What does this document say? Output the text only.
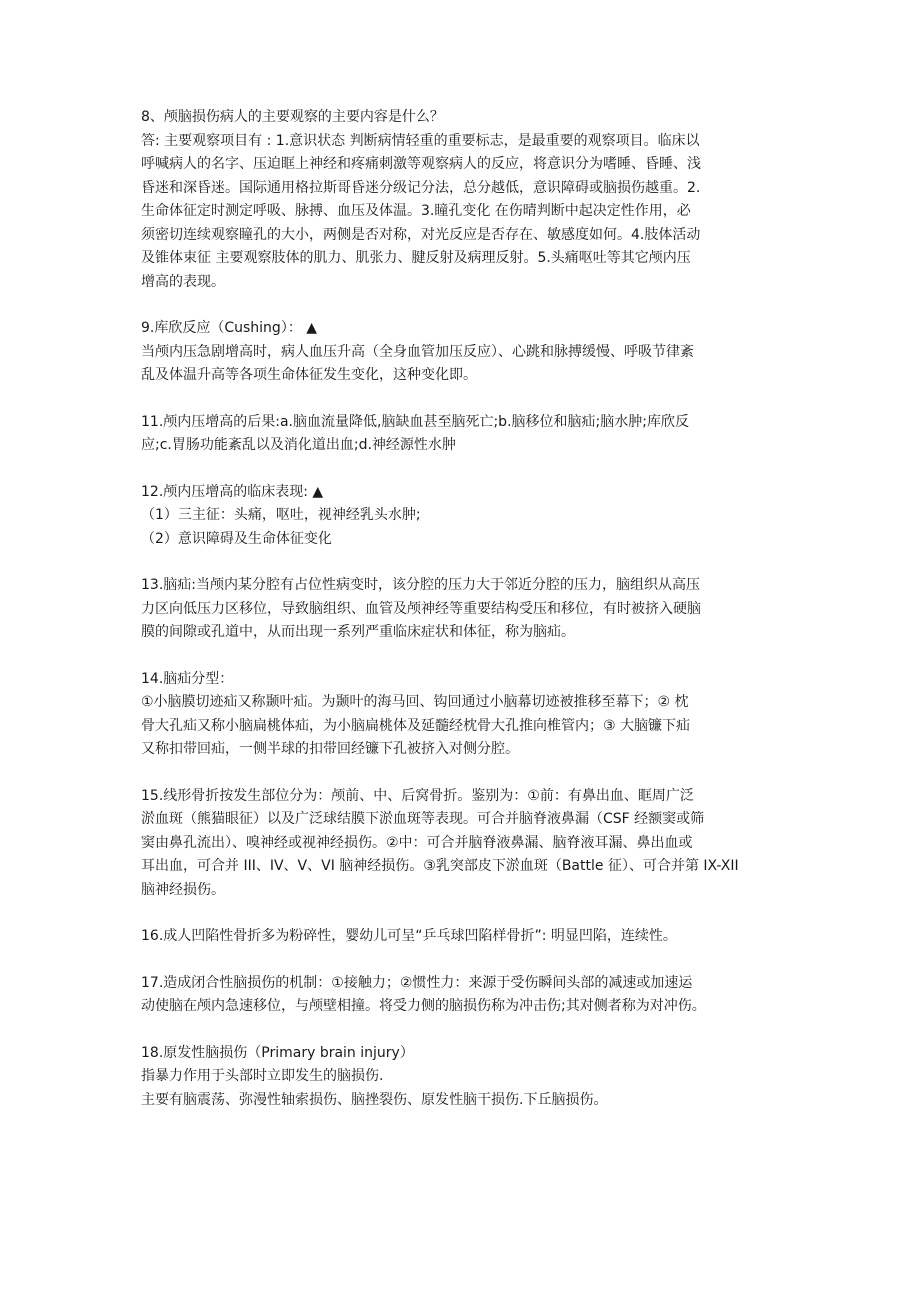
8、颅脑损伤病人的主要观察的主要内容是什么？
答: 主要观察项目有 : 1.意识状态 判断病情轻重的重要标志，是最重要的观察项目。临床以
呼喊病人的名字、压迫眶上神经和疼痛刺激等观察病人的反应，将意识分为嗜睡、昏睡、浅
昏迷和深昏迷。国际通用格拉斯哥昏迷分级记分法，总分越低，意识障碍或脑损伤越重。2.
生命体征定时测定呼吸、脉搏、血压及体温。3.瞳孔变化 在伤晴判断中起决定性作用，必
须密切连续观察瞳孔的大小，两侧是否对称，对光反应是否存在、敏感度如何。4.肢体活动
及锥体束征 主要观察肢体的肌力、肌张力、腱反射及病理反射。5.头痛呕吐等其它颅内压
增高的表现。
9.库欣反应（Cushing）： ▲
当颅内压急剧增高时，病人血压升高（全身血管加压反应）、心跳和脉搏缓慢、呼吸节律紊
乱及体温升高等各项生命体征发生变化，这种变化即。
11.颅内压增高的后果:a.脑血流量降低,脑缺血甚至脑死亡;b.脑移位和脑疝;脑水肿;库欣反
应;c.胃肠功能紊乱以及消化道出血;d.神经源性水肿
12.颅内压增高的临床表现: ▲
（1）三主征：头痛，呕吐，视神经乳头水肿;
（2）意识障碍及生命体征变化
13.脑疝:当颅内某分腔有占位性病变时，该分腔的压力大于邻近分腔的压力，脑组织从高压
力区向低压力区移位，导致脑组织、血管及颅神经等重要结构受压和移位，有时被挤入硬脑
膜的间隙或孔道中，从而出现一系列严重临床症状和体征，称为脑疝。
14.脑疝分型：
①小脑膜切迹疝又称颞叶疝。为颞叶的海马回、钩回通过小脑幕切迹被推移至幕下；② 枕
骨大孔疝又称小脑扁桃体疝，为小脑扁桃体及延髓经枕骨大孔推向椎管内；③ 大脑镰下疝
又称扣带回疝，一侧半球的扣带回经镰下孔被挤入对侧分腔。
15.线形骨折按发生部位分为：颅前、中、后窝骨折。鉴别为：①前：有鼻出血、眶周广泛
淤血斑（熊猫眼征）以及广泛球结膜下淤血斑等表现。可合并脑脊液鼻漏（CSF 经额窦或筛
窦由鼻孔流出）、嗅神经或视神经损伤。②中：可合并脑脊液鼻漏、脑脊液耳漏、鼻出血或
耳出血，可合并 III、IV、V、VI 脑神经损伤。③乳突部皮下淤血斑（Battle 征）、可合并第 IX-XII
脑神经损伤。
16.成人凹陷性骨折多为粉碎性，婴幼儿可呈“乒乓球凹陷样骨折”: 明显凹陷，连续性。
17.造成闭合性脑损伤的机制：①接触力；②惯性力：来源于受伤瞬间头部的减速或加速运
动使脑在颅内急速移位，与颅壁相撞。将受力侧的脑损伤称为冲击伤;其对侧者称为对冲伤。
18.原发性脑损伤（Primary brain injury）
指暴力作用于头部时立即发生的脑损伤.
主要有脑震荡、弥漫性轴索损伤、脑挫裂伤、原发性脑干损伤.下丘脑损伤。
